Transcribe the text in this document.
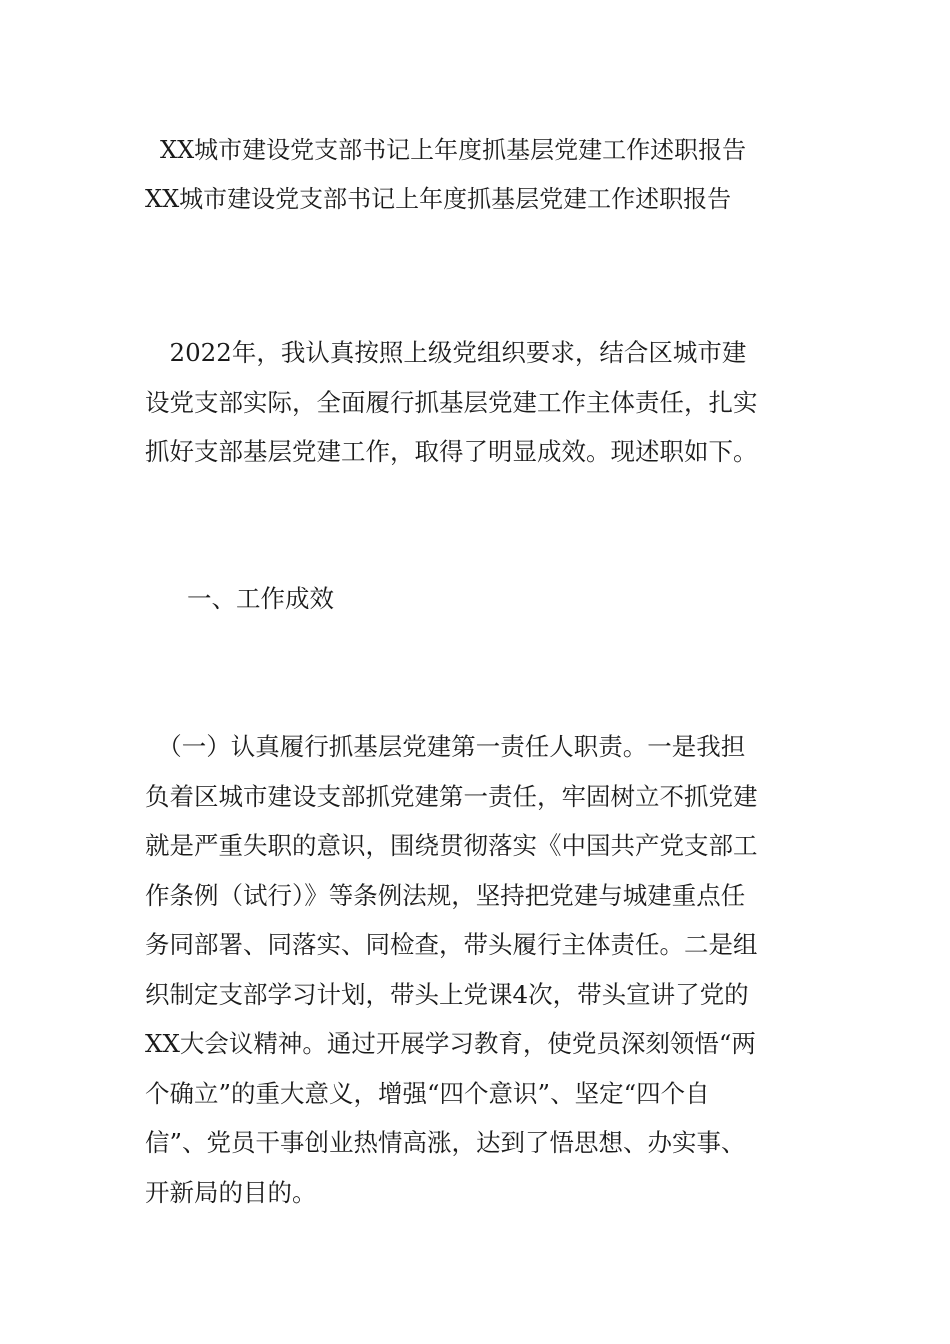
XX城市建设党支部书记上年度抓基层党建工作述职报告
XX城市建设党支部书记上年度抓基层党建工作述职报告

　2022年，我认真按照上级党组织要求，结合区城市建
设党支部实际，全面履行抓基层党建工作主体责任，扎实
抓好支部基层党建工作，取得了明显成效。现述职如下。

一、工作成效

　（一）认真履行抓基层党建第一责任人职责。一是我担
负着区城市建设支部抓党建第一责任，牢固树立不抓党建
就是严重失职的意识，围绕贯彻落实《中国共产党支部工
作条例（试行）》等条例法规，坚持把党建与城建重点任
务同部署、同落实、同检查，带头履行主体责任。二是组
织制定支部学习计划，带头上党课4次，带头宣讲了党的
XX大会议精神。通过开展学习教育，使党员深刻领悟“两
个确立”的重大意义，增强“四个意识”、坚定“四个自
信”、党员干事创业热情高涨，达到了悟思想、办实事、
开新局的目的。
